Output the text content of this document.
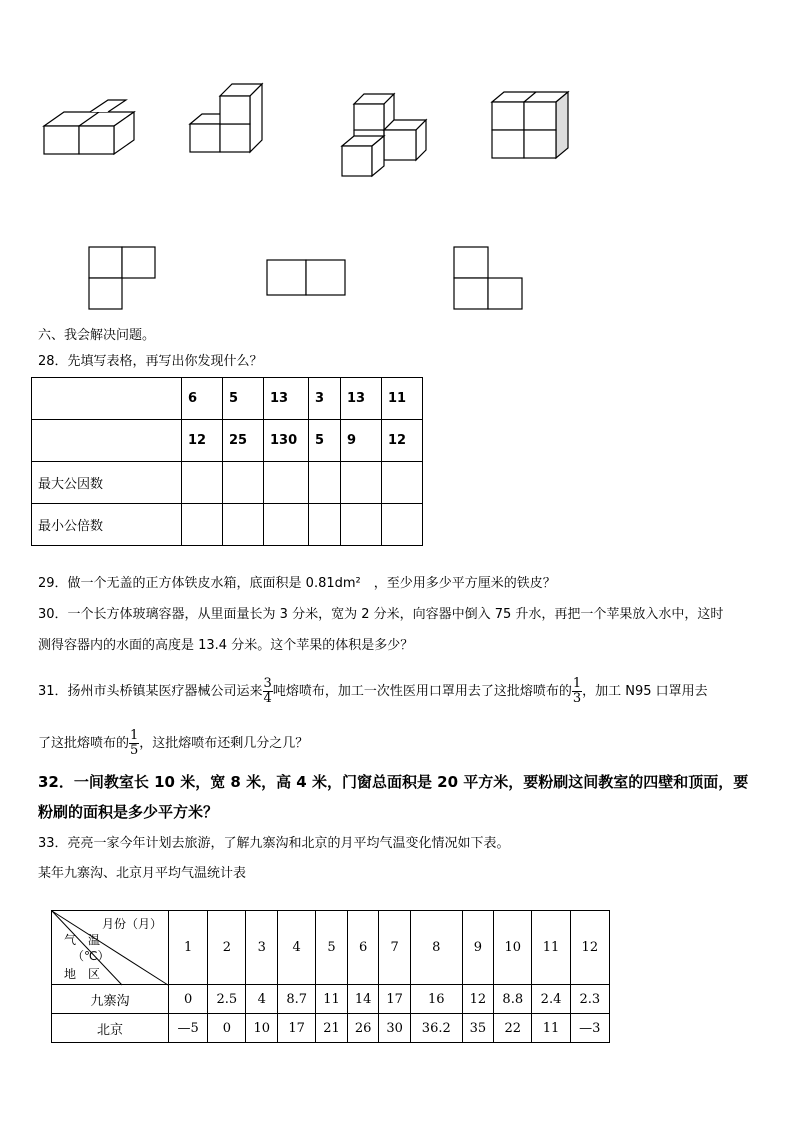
六、我会解决问题。
28．先填写表格，再写出你发现什么？
	6	5	13	3	13	11
	12	25	130	5	9	12
最大公因数						
最小公倍数						
29．做一个无盖的正方体铁皮水箱，底面积是 0.81dm²　，至少用多少平方厘米的铁皮？
30．一个长方体玻璃容器，从里面量长为 3 分米，宽为 2 分米，向容器中倒入 75 升水，再把一个苹果放入水中，这时
测得容器内的水面的高度是 13.4 分米。这个苹果的体积是多少？
31．扬州市头桥镇某医疗器械公司运来 $\frac{3}{4}$ 吨熔喷布，加工一次性医用口罩用去了这批熔喷布的 $\frac{1}{3}$ ，加工 N95 口罩用去
了这批熔喷布的 $\frac{1}{5}$ ，这批熔喷布还剩几分之几？
32．一间教室长 10 米，宽 8 米，高 4 米，门窗总面积是 20 平方米，要粉刷这间教室的四壁和顶面，要
粉刷的面积是多少平方米？
33．亮亮一家今年计划去旅游，了解九寨沟和北京的月平均气温变化情况如下表。
某年九寨沟、北京月平均气温统计表
月份（月）
气　温
（℃）
地　区	1	2	3	4	5	6	7	8	9	10	11	12
九寨沟	0	2.5	4	8.7	11	14	17	16	12	8.8	2.4	2.3
北京	—5	0	10	17	21	26	30	36.2	35	22	11	—3
